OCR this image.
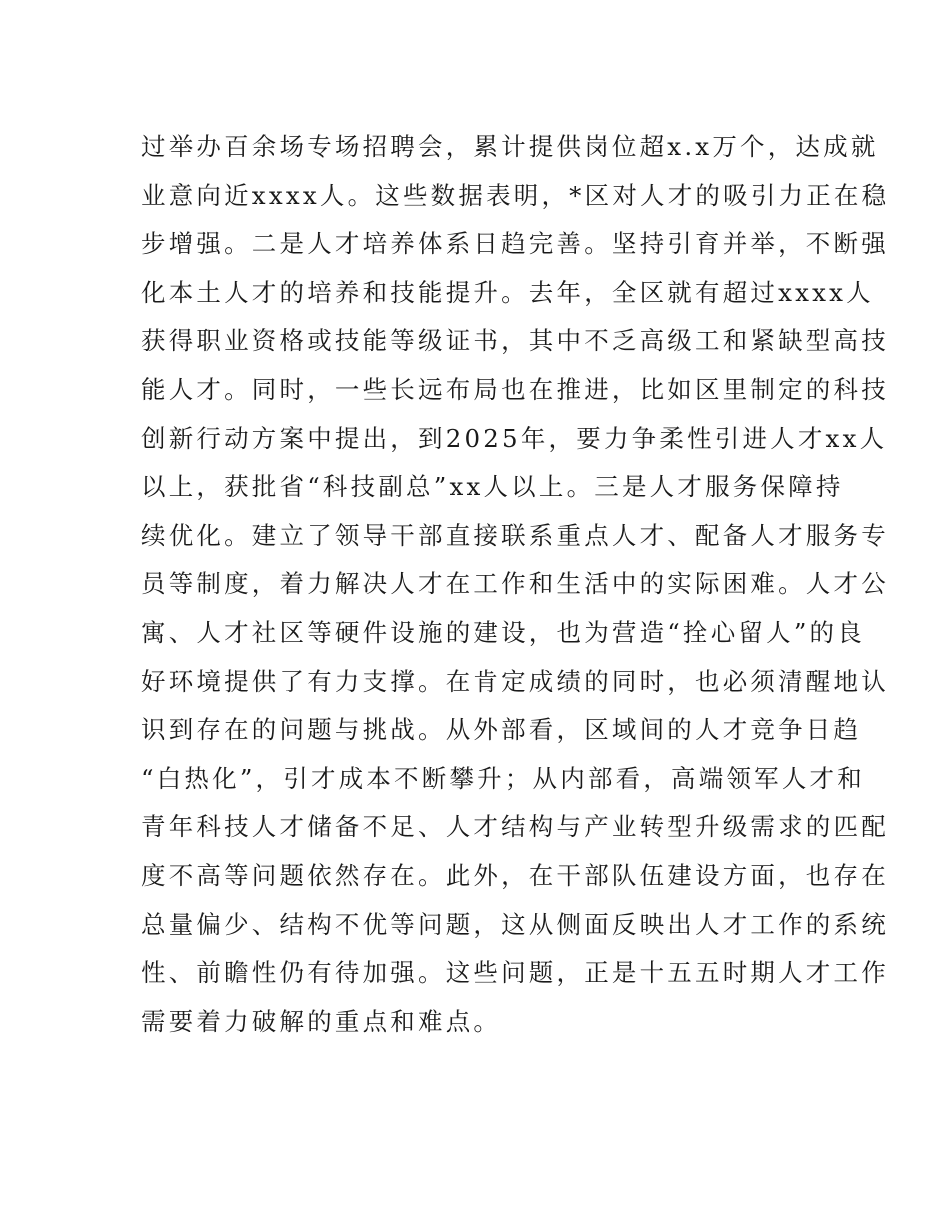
过举办百余场专场招聘会，累计提供岗位超x.x万个，达成就
业意向近xxxx人。这些数据表明，*区对人才的吸引力正在稳
步增强。二是人才培养体系日趋完善。坚持引育并举，不断强
化本土人才的培养和技能提升。去年，全区就有超过xxxx人
获得职业资格或技能等级证书，其中不乏高级工和紧缺型高技
能人才。同时，一些长远布局也在推进，比如区里制定的科技
创新行动方案中提出，到2025年，要力争柔性引进人才xx人
以上，获批省“科技副总”xx人以上。三是人才服务保障持
续优化。建立了领导干部直接联系重点人才、配备人才服务专
员等制度，着力解决人才在工作和生活中的实际困难。人才公
寓、人才社区等硬件设施的建设，也为营造“拴心留人”的良
好环境提供了有力支撑。在肯定成绩的同时，也必须清醒地认
识到存在的问题与挑战。从外部看，区域间的人才竞争日趋
“白热化”，引才成本不断攀升；从内部看，高端领军人才和
青年科技人才储备不足、人才结构与产业转型升级需求的匹配
度不高等问题依然存在。此外，在干部队伍建设方面，也存在
总量偏少、结构不优等问题，这从侧面反映出人才工作的系统
性、前瞻性仍有待加强。这些问题，正是十五五时期人才工作
需要着力破解的重点和难点。
